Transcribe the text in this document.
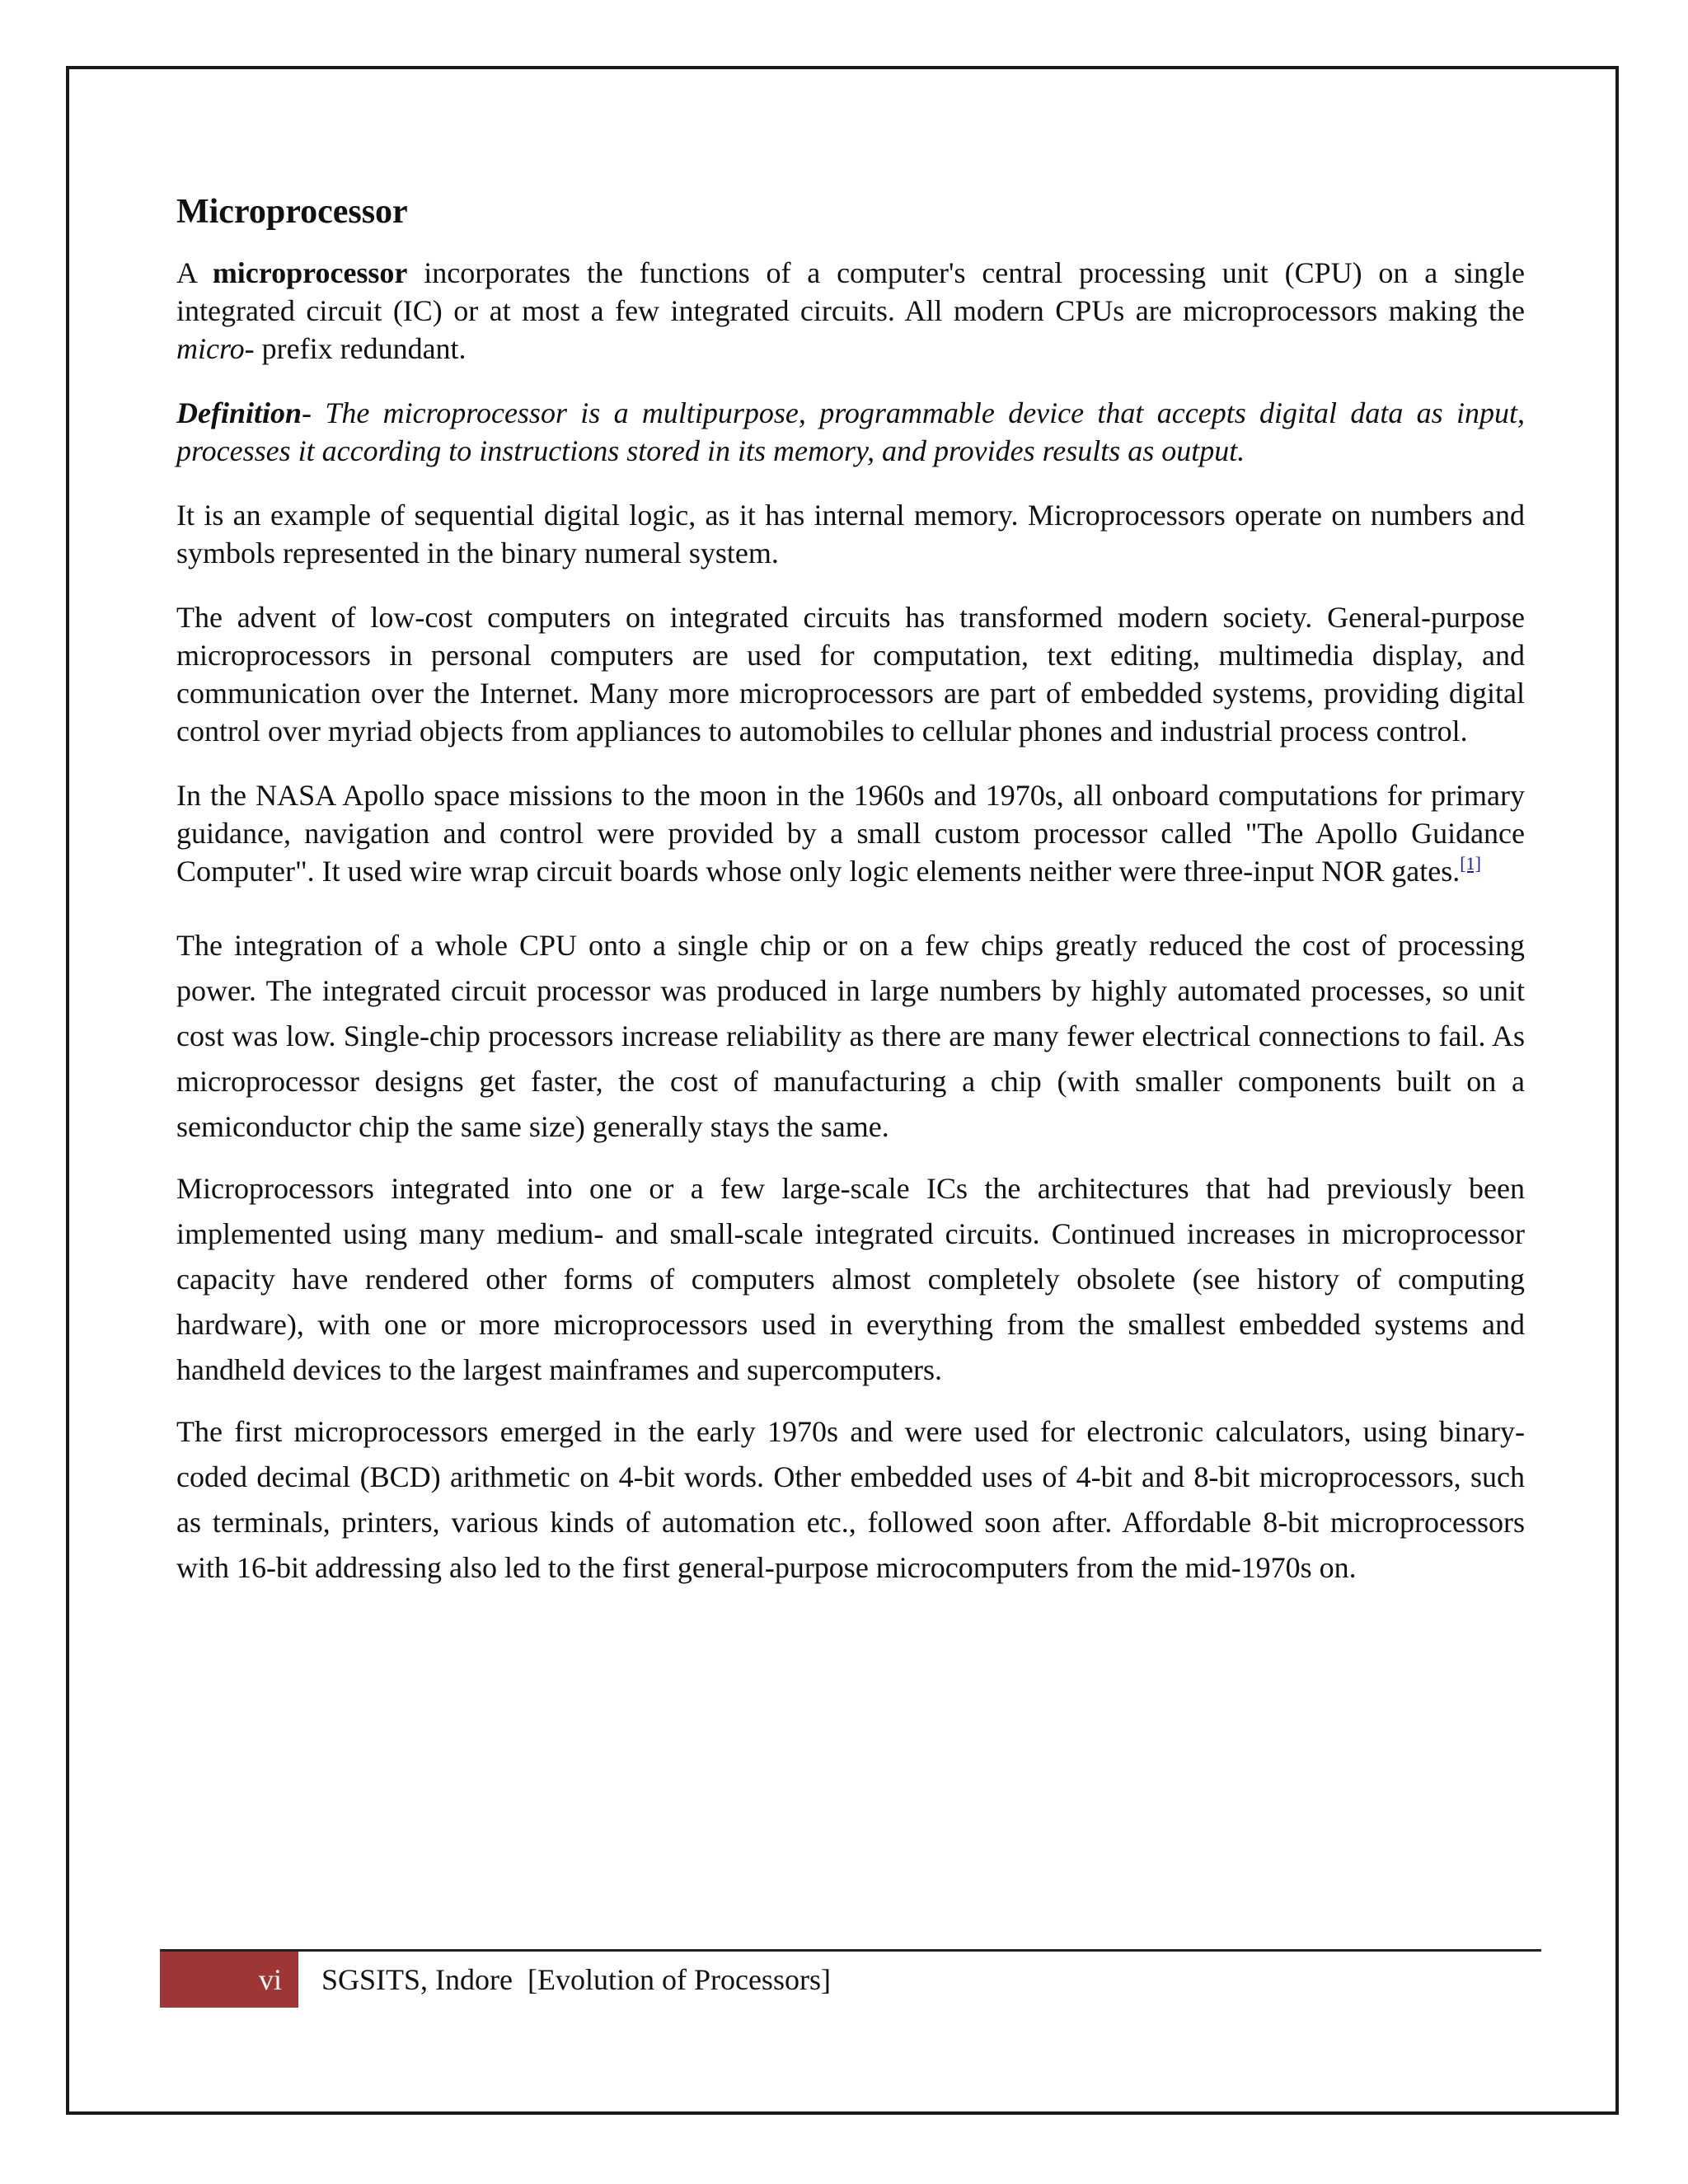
Microprocessor

A microprocessor incorporates the functions of a computer's central processing unit (CPU) on a single integrated circuit (IC) or at most a few integrated circuits. All modern CPUs are microprocessors making the micro- prefix redundant.

Definition- The microprocessor is a multipurpose, programmable device that accepts digital data as input, processes it according to instructions stored in its memory, and provides results as output.

It is an example of sequential digital logic, as it has internal memory. Microprocessors operate on numbers and symbols represented in the binary numeral system.

The advent of low-cost computers on integrated circuits has transformed modern society. General-purpose microprocessors in personal computers are used for computation, text editing, multimedia display, and communication over the Internet. Many more microprocessors are part of embedded systems, providing digital control over myriad objects from appliances to automobiles to cellular phones and industrial process control.

In the NASA Apollo space missions to the moon in the 1960s and 1970s, all onboard computations for primary guidance, navigation and control were provided by a small custom processor called "The Apollo Guidance Computer". It used wire wrap circuit boards whose only logic elements neither were three-input NOR gates.[1]

The integration of a whole CPU onto a single chip or on a few chips greatly reduced the cost of processing power. The integrated circuit processor was produced in large numbers by highly automated processes, so unit cost was low. Single-chip processors increase reliability as there are many fewer electrical connections to fail. As microprocessor designs get faster, the cost of manufacturing a chip (with smaller components built on a semiconductor chip the same size) generally stays the same.

Microprocessors integrated into one or a few large-scale ICs the architectures that had previously been implemented using many medium- and small-scale integrated circuits. Continued increases in microprocessor capacity have rendered other forms of computers almost completely obsolete (see history of computing hardware), with one or more microprocessors used in everything from the smallest embedded systems and handheld devices to the largest mainframes and supercomputers.

The first microprocessors emerged in the early 1970s and were used for electronic calculators, using binary-coded decimal (BCD) arithmetic on 4-bit words. Other embedded uses of 4-bit and 8-bit microprocessors, such as terminals, printers, various kinds of automation etc., followed soon after. Affordable 8-bit microprocessors with 16-bit addressing also led to the first general-purpose microcomputers from the mid-1970s on.

vi	SGSITS, Indore  [Evolution of Processors]
